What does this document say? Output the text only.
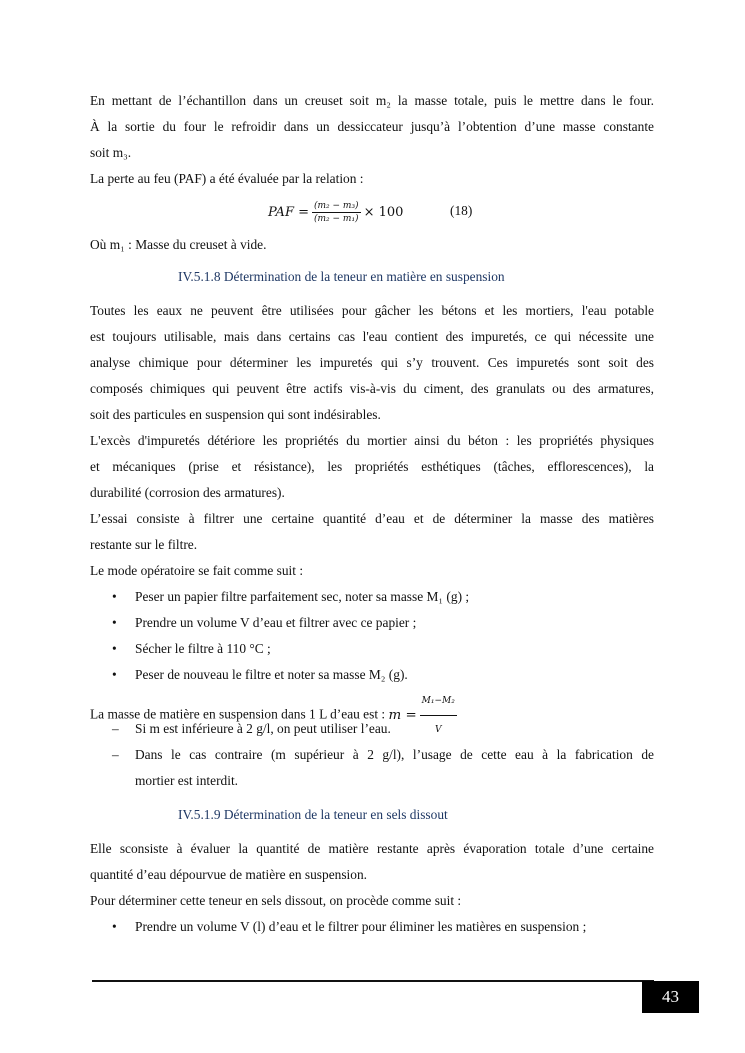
En mettant de l’échantillon dans un creuset soit m₂ la masse totale, puis le mettre dans le four.
À la sortie du four le refroidir dans un dessiccateur jusqu’à l’obtention d’une masse constante
soit m₃.
La perte au feu (PAF) a été évaluée par la relation :

PAF = $\frac{\text{(m₂ − m₃)}}{\text{(m₂ − m₁)}} \times 100$	(18)

Où m₁ : Masse du creuset à vide.

IV.5.1.8 Détermination de la teneur en matière en suspension

Toutes les eaux ne peuvent être utilisées pour gâcher les bétons et les mortiers, l'eau potable
est toujours utilisable, mais dans certains cas l'eau contient des impuretés, ce qui nécessite une
analyse chimique pour déterminer les impuretés qui s’y trouvent. Ces impuretés sont soit des
composés chimiques qui peuvent être actifs vis-à-vis du ciment, des granulats ou des armatures,
soit des particules en suspension qui sont indésirables.

L'excès d'impuretés détériore les propriétés du mortier ainsi du béton : les propriétés physiques
et mécaniques (prise et résistance), les propriétés esthétiques (tâches, efflorescences), la
durabilité (corrosion des armatures).

L’essai consiste à filtrer une certaine quantité d’eau et de déterminer la masse des matières
restante sur le filtre.

Le mode opératoire se fait comme suit :

• Peser un papier filtre parfaitement sec, noter sa masse M₁ (g) ;
• Prendre un volume V d’eau et filtrer avec ce papier ;
• Sécher le filtre à 110 °C ;
• Peser de nouveau le filtre et noter sa masse M₂ (g).

La masse de matière en suspension dans 1 L d’eau est : $m = \frac{\text{M₁−M₂}}{V}$

– Si m est inférieure à 2 g/l, on peut utiliser l’eau.
– Dans le cas contraire (m supérieur à 2 g/l), l’usage de cette eau à la fabrication de
mortier est interdit.
IV.5.1.9 Détermination de la teneur en sels dissout

Elle sconsiste à évaluer la quantité de matière restante après évaporation totale d’une certaine
quantité d’eau dépourvue de matière en suspension.
Pour déterminer cette teneur en sels dissout, on procède comme suit :

• Prendre un volume V (l) d’eau et le filtrer pour éliminer les matières en suspension ;
43
